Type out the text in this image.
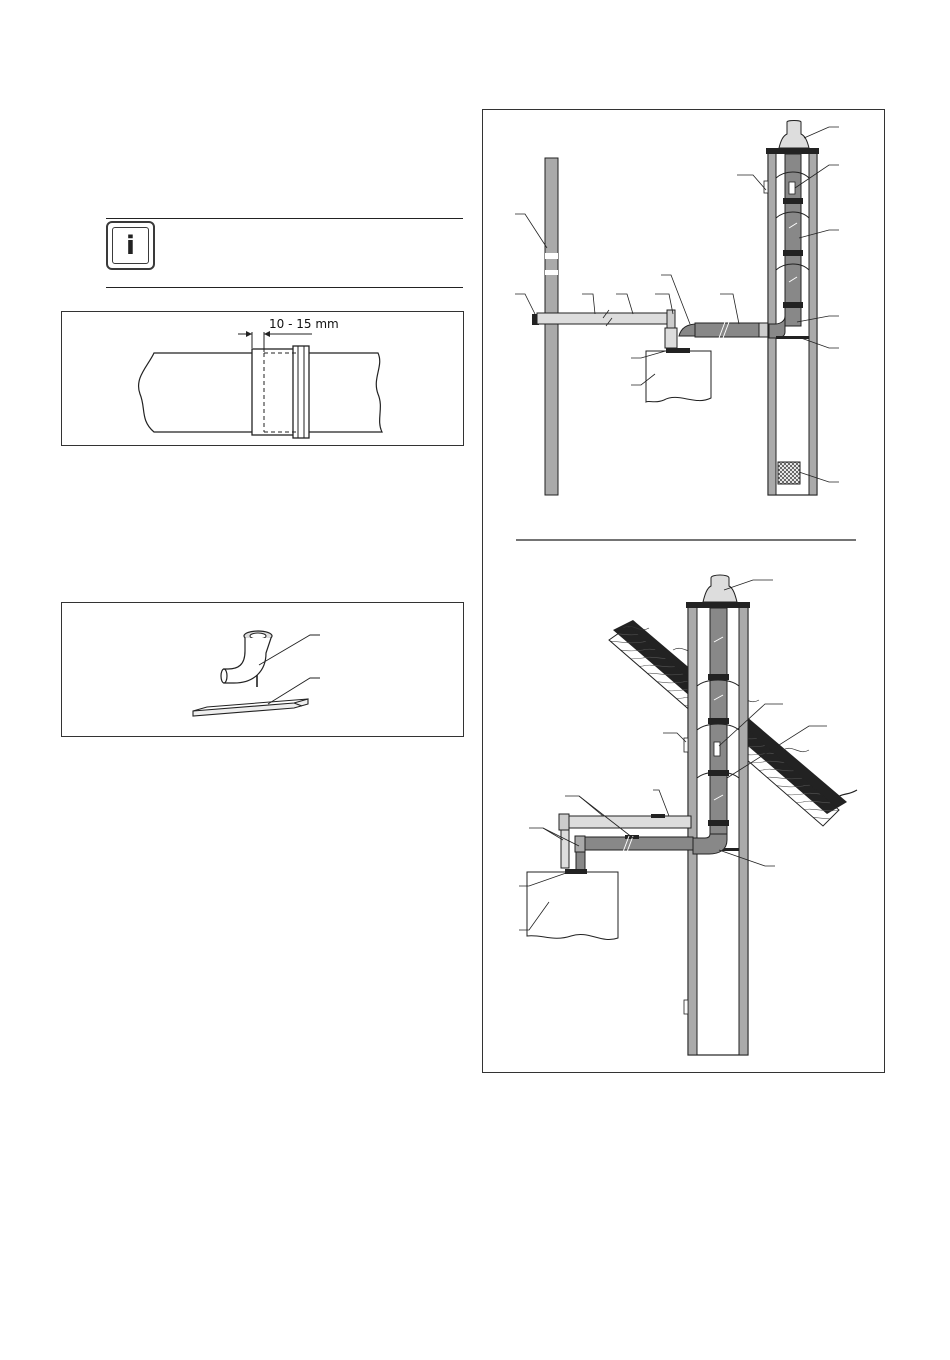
i
10 - 15 mm
